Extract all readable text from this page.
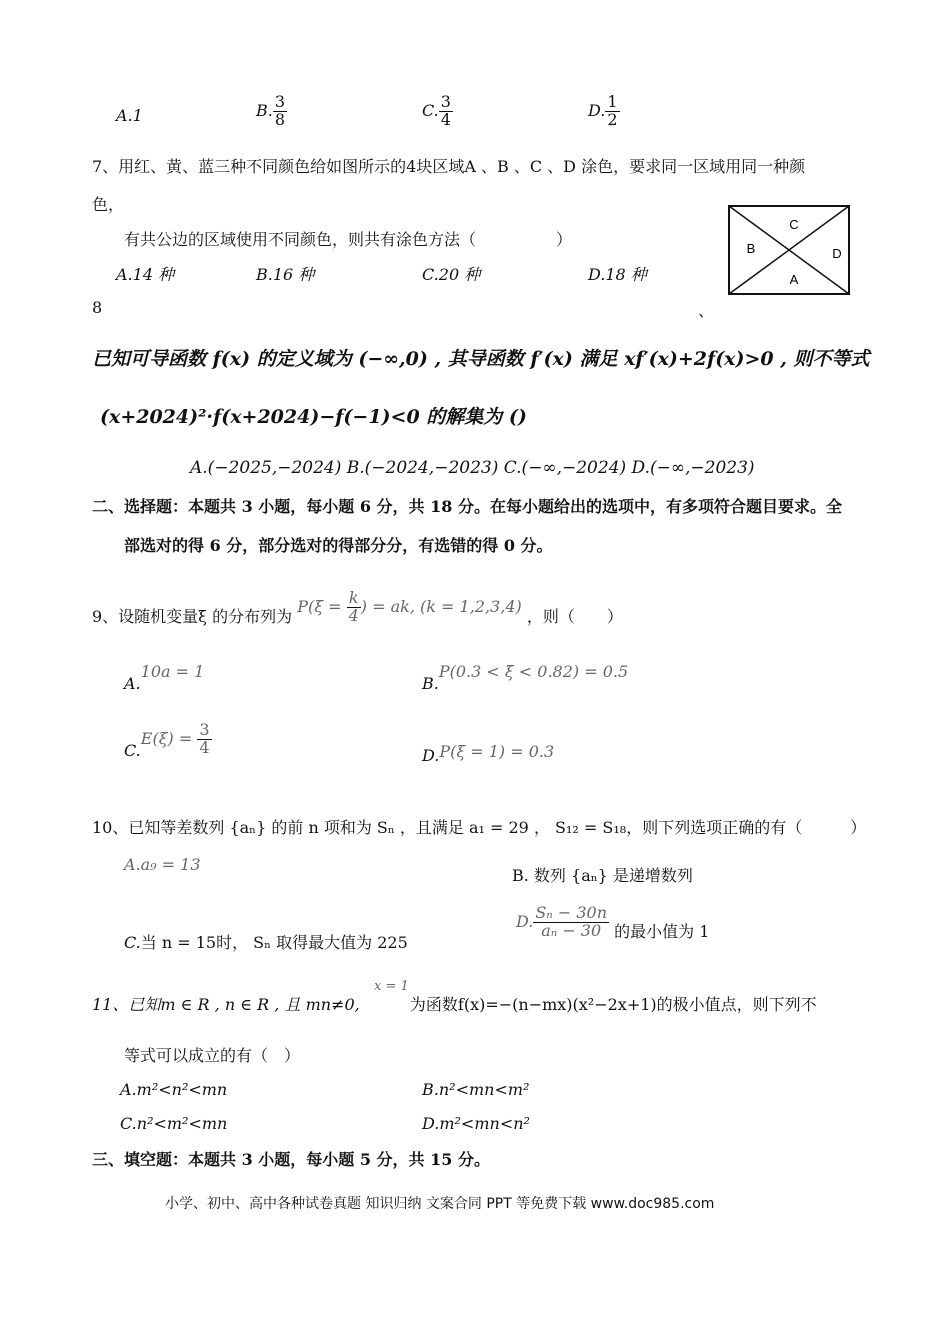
A.1	B. $\frac{3}{8}$	C. $\frac{3}{4}$	D. $\frac{1}{2}$
7、用红、黄、蓝三种不同颜色给如图所示的4块区域A 、B 、C 、D 涂色，要求同一区域用同一种颜
色，
有共公边的区域使用不同颜色，则共有涂色方法（　　　　　）
A.14 种	B.16 种	C.20 种	D.18 种
C
B	D
A
8	、
已知可导函数 f(x) 的定义域为 (−∞,0) , 其导函数 f′(x) 满足 xf′(x)+2f(x)>0 , 则不等式
(x+2024)²·f(x+2024)−f(−1)<0 的解集为 ()
A.(−2025,−2024) B.(−2024,−2023) C.(−∞,−2024) D.(−∞,−2023)
二、选择题：本题共 3 小题，每小题 6 分，共 18 分。在每小题给出的选项中，有多项符合题目要求。全
部选对的得 6 分，部分选对的得部分分，有选错的得 0 分。
9、设随机变量ξ 的分布列为 $P(\xi = \frac{k}{4}$ ) = ak, (k = 1,2,3,4) ，则（　　）
A.10a = 1
B.P(0.3 < ξ < 0.82) = 0.5
$C.E(\xi) = \frac{3}{4}$	D.P(ξ = 1) = 0.3
10、已知等差数列 {aₙ} 的前 n 项和为 Sₙ ，且满足 a₁ = 29 ， S₁₂ = S₁₈，则下列选项正确的有（　　　）
A.a₉ = 13
B. 数列 {aₙ} 是递增数列
C.当 n = 15时， Sₙ 取得最大值为 225
D. $\frac{\text{Sₙ − 30n}}{\text{aₙ − 30}}$ 的最小值为 1
x = 1
11、已知m ∈ R , n ∈ R , 且 mn≠0,	为函数f(x)=−(n−mx)(x²−2x+1)的极小值点，则下列不
等式可以成立的有（　）
A.m²<n²<mn	B.n²<mn<m²
C.n²<m²<mn	D.m²<mn<n²
三、填空题：本题共 3 小题，每小题 5 分，共 15 分。
小学、初中、高中各种试卷真题 知识归纳 文案合同 PPT 等免费下载 www.doc985.com
